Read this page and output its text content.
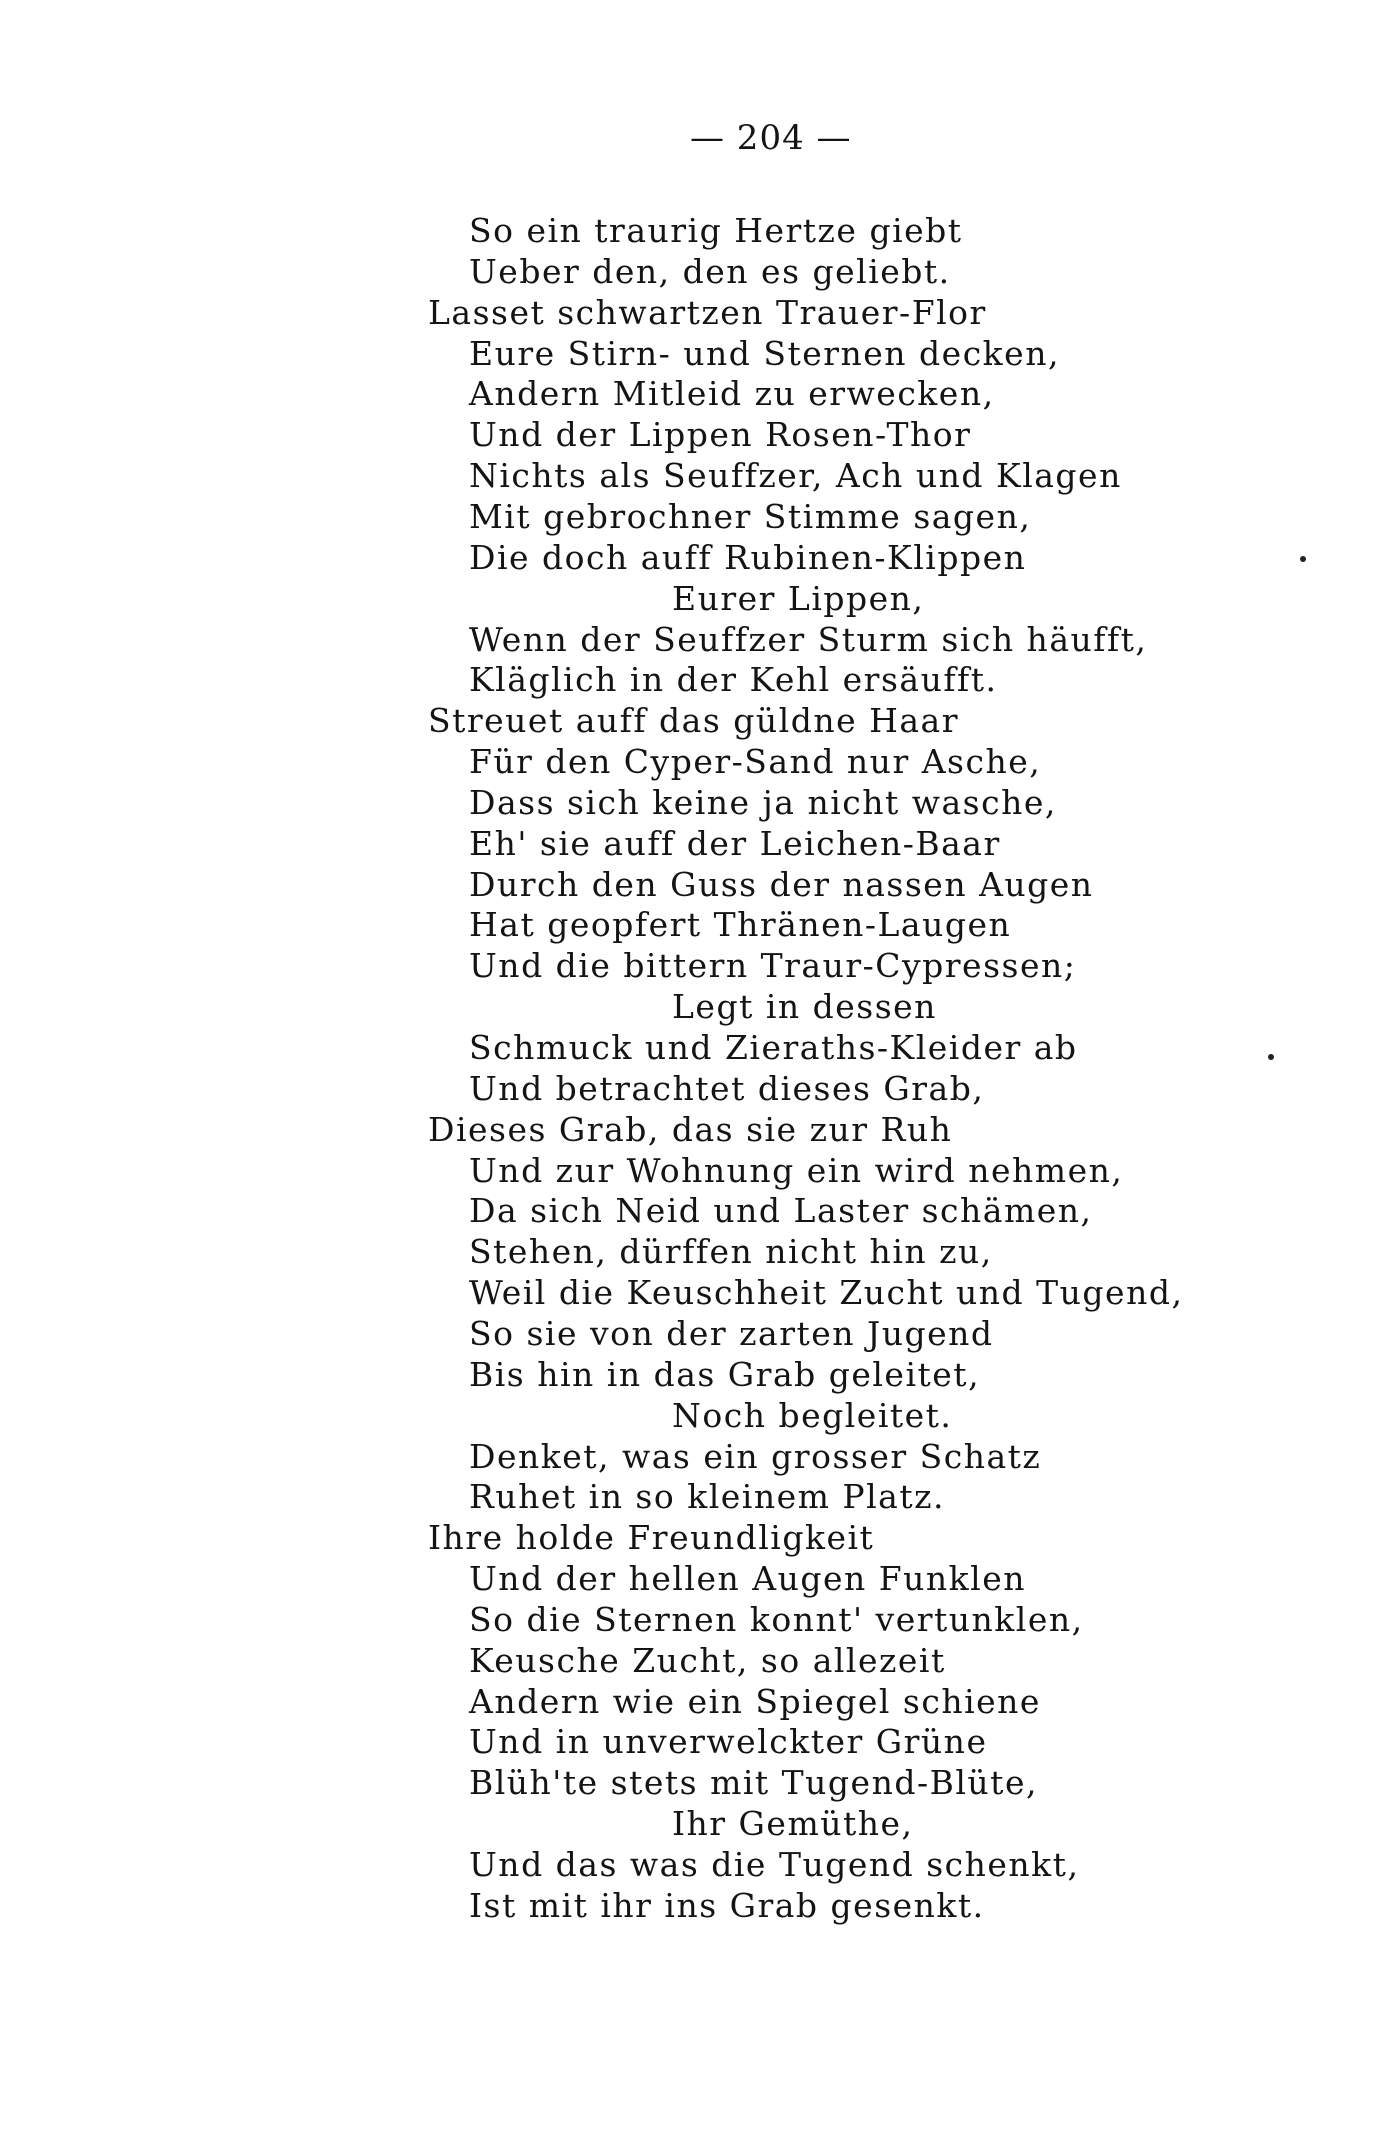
— 204 —
So ein traurig Hertze giebt
Ueber den, den es geliebt.
Lasset schwartzen Trauer-Flor
Eure Stirn- und Sternen decken,
Andern Mitleid zu erwecken,
Und der Lippen Rosen-Thor
Nichts als Seuffzer, Ach und Klagen
Mit gebrochner Stimme sagen,
Die doch auff Rubinen-Klippen
Eurer Lippen,
Wenn der Seuffzer Sturm sich häufft,
Kläglich in der Kehl ersäufft.
Streuet auff das güldne Haar
Für den Cyper-Sand nur Asche,
Dass sich keine ja nicht wasche,
Eh' sie auff der Leichen-Baar
Durch den Guss der nassen Augen
Hat geopfert Thränen-Laugen
Und die bittern Traur-Cypressen;
Legt in dessen
Schmuck und Zieraths-Kleider ab
Und betrachtet dieses Grab,
Dieses Grab, das sie zur Ruh
Und zur Wohnung ein wird nehmen,
Da sich Neid und Laster schämen,
Stehen, dürffen nicht hin zu,
Weil die Keuschheit Zucht und Tugend,
So sie von der zarten Jugend
Bis hin in das Grab geleitet,
Noch begleitet.
Denket, was ein grosser Schatz
Ruhet in so kleinem Platz.
Ihre holde Freundligkeit
Und der hellen Augen Funklen
So die Sternen konnt' vertunklen,
Keusche Zucht, so allezeit
Andern wie ein Spiegel schiene
Und in unverwelckter Grüne
Blüh'te stets mit Tugend-Blüte,
Ihr Gemüthe,
Und das was die Tugend schenkt,
Ist mit ihr ins Grab gesenkt.
